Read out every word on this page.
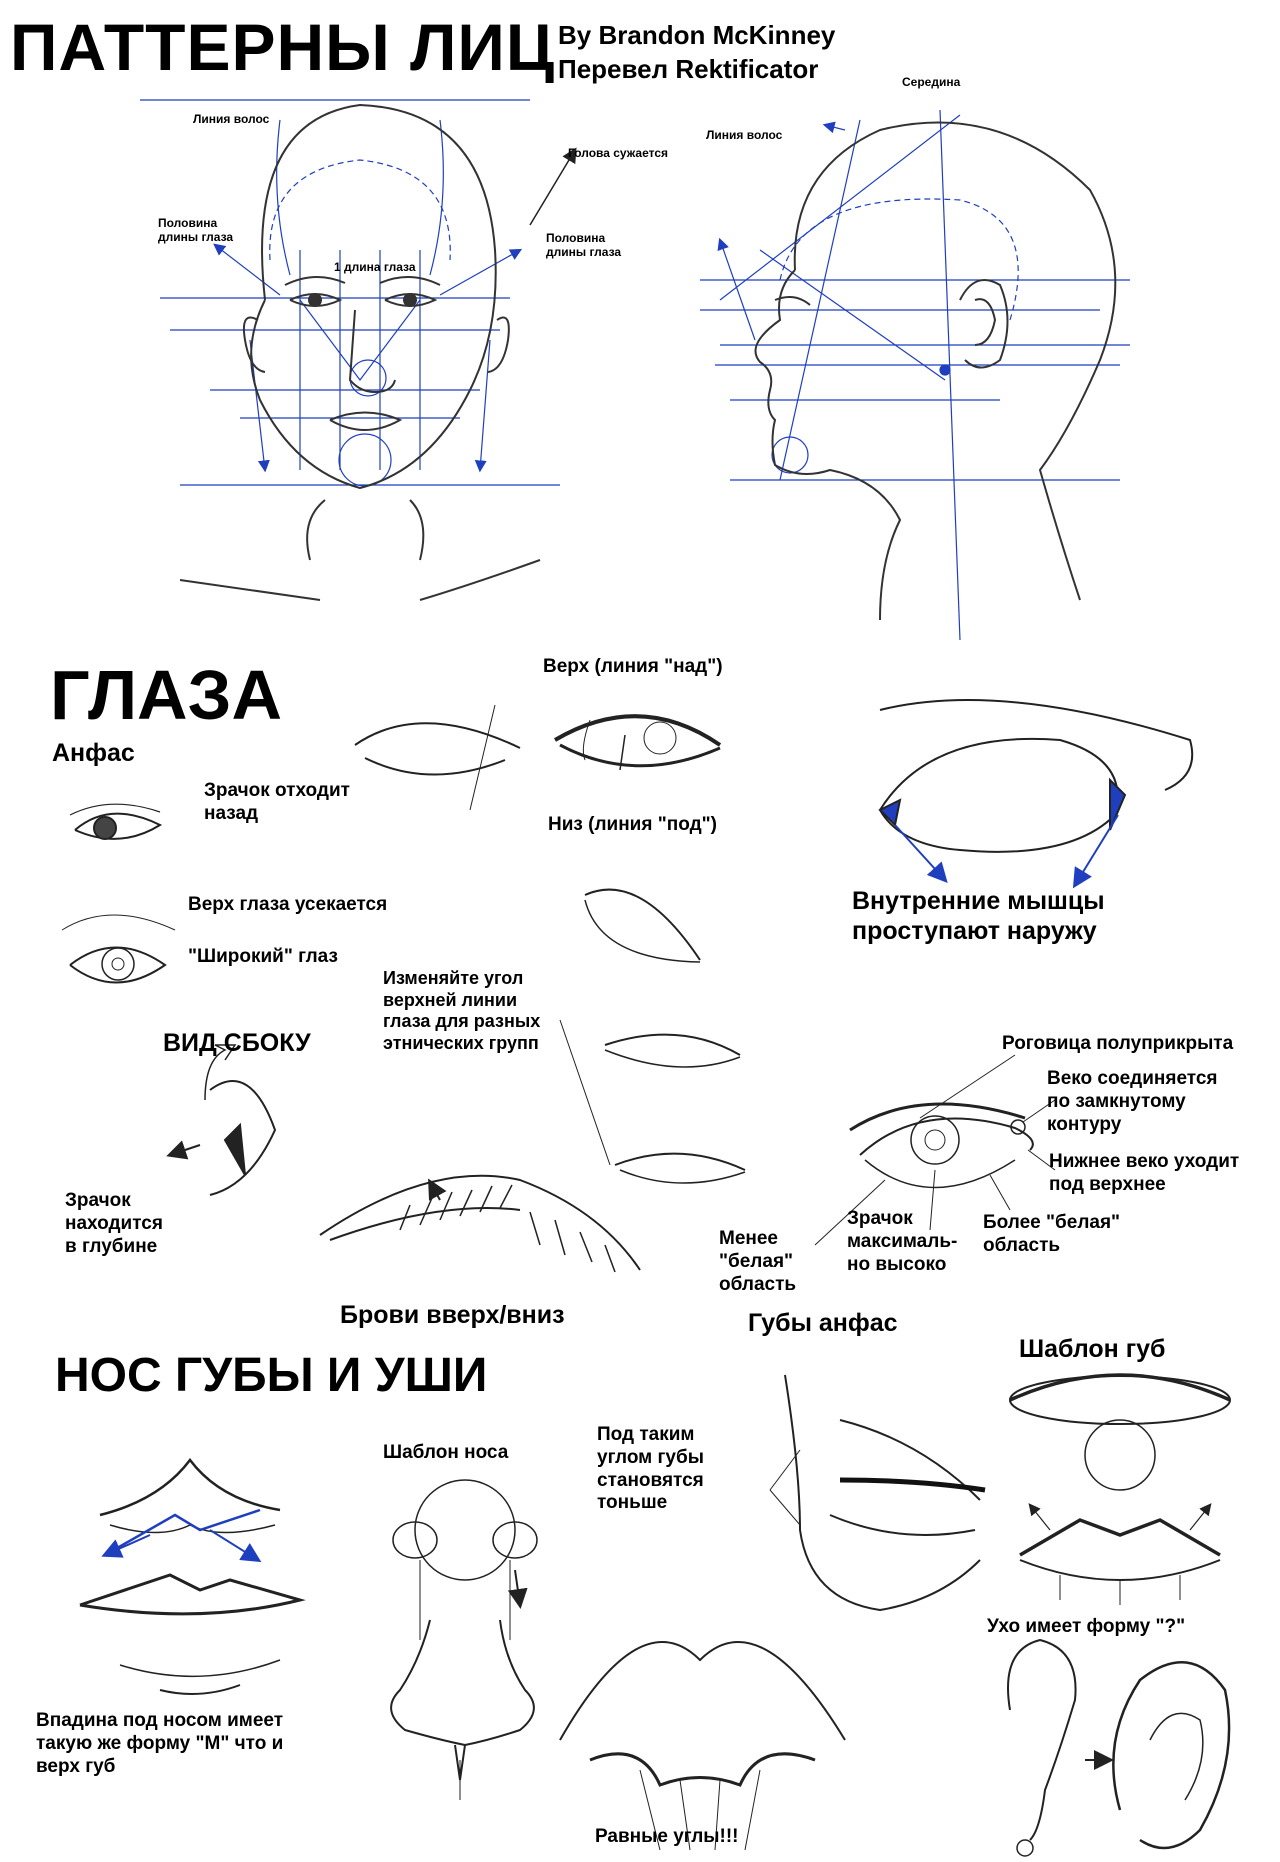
ПАТТЕРНЫ ЛИЦ By Brandon McKinney
Перевел Rektificator
Линия волос
Голова сужается
Половина
длины глаза	Половина
длины глаза
1 длина глаза
Середина
Линия волос
ГЛАЗА
Анфас
Зрачок отходит
назад
Верх (линия "над")
Низ (линия "под")
Внутренние мышцы
проступают наружу
Верх глаза усекается
"Широкий" глаз
Изменяйте угол
верхней линии
глаза для разных
этнических групп
ВИД СБОКУ
Зрачок
находится
в глубине
Роговица полуприкрыта
Веко соединяется
по замкнутому
контуру
Нижнее веко уходит
под верхнее
Менее
"белая"
область
Зрачок
максималь-
но высоко
Более "белая"
область
Брови вверх/вниз
НОС ГУБЫ И УШИ
Губы анфас
Шаблон губ
Шаблон носа
Под таким
углом губы
становятся
тоньше
Ухо имеет форму "?"
Впадина под носом имеет
такую же форму "М" что и
верх губ
Равные углы!!!
